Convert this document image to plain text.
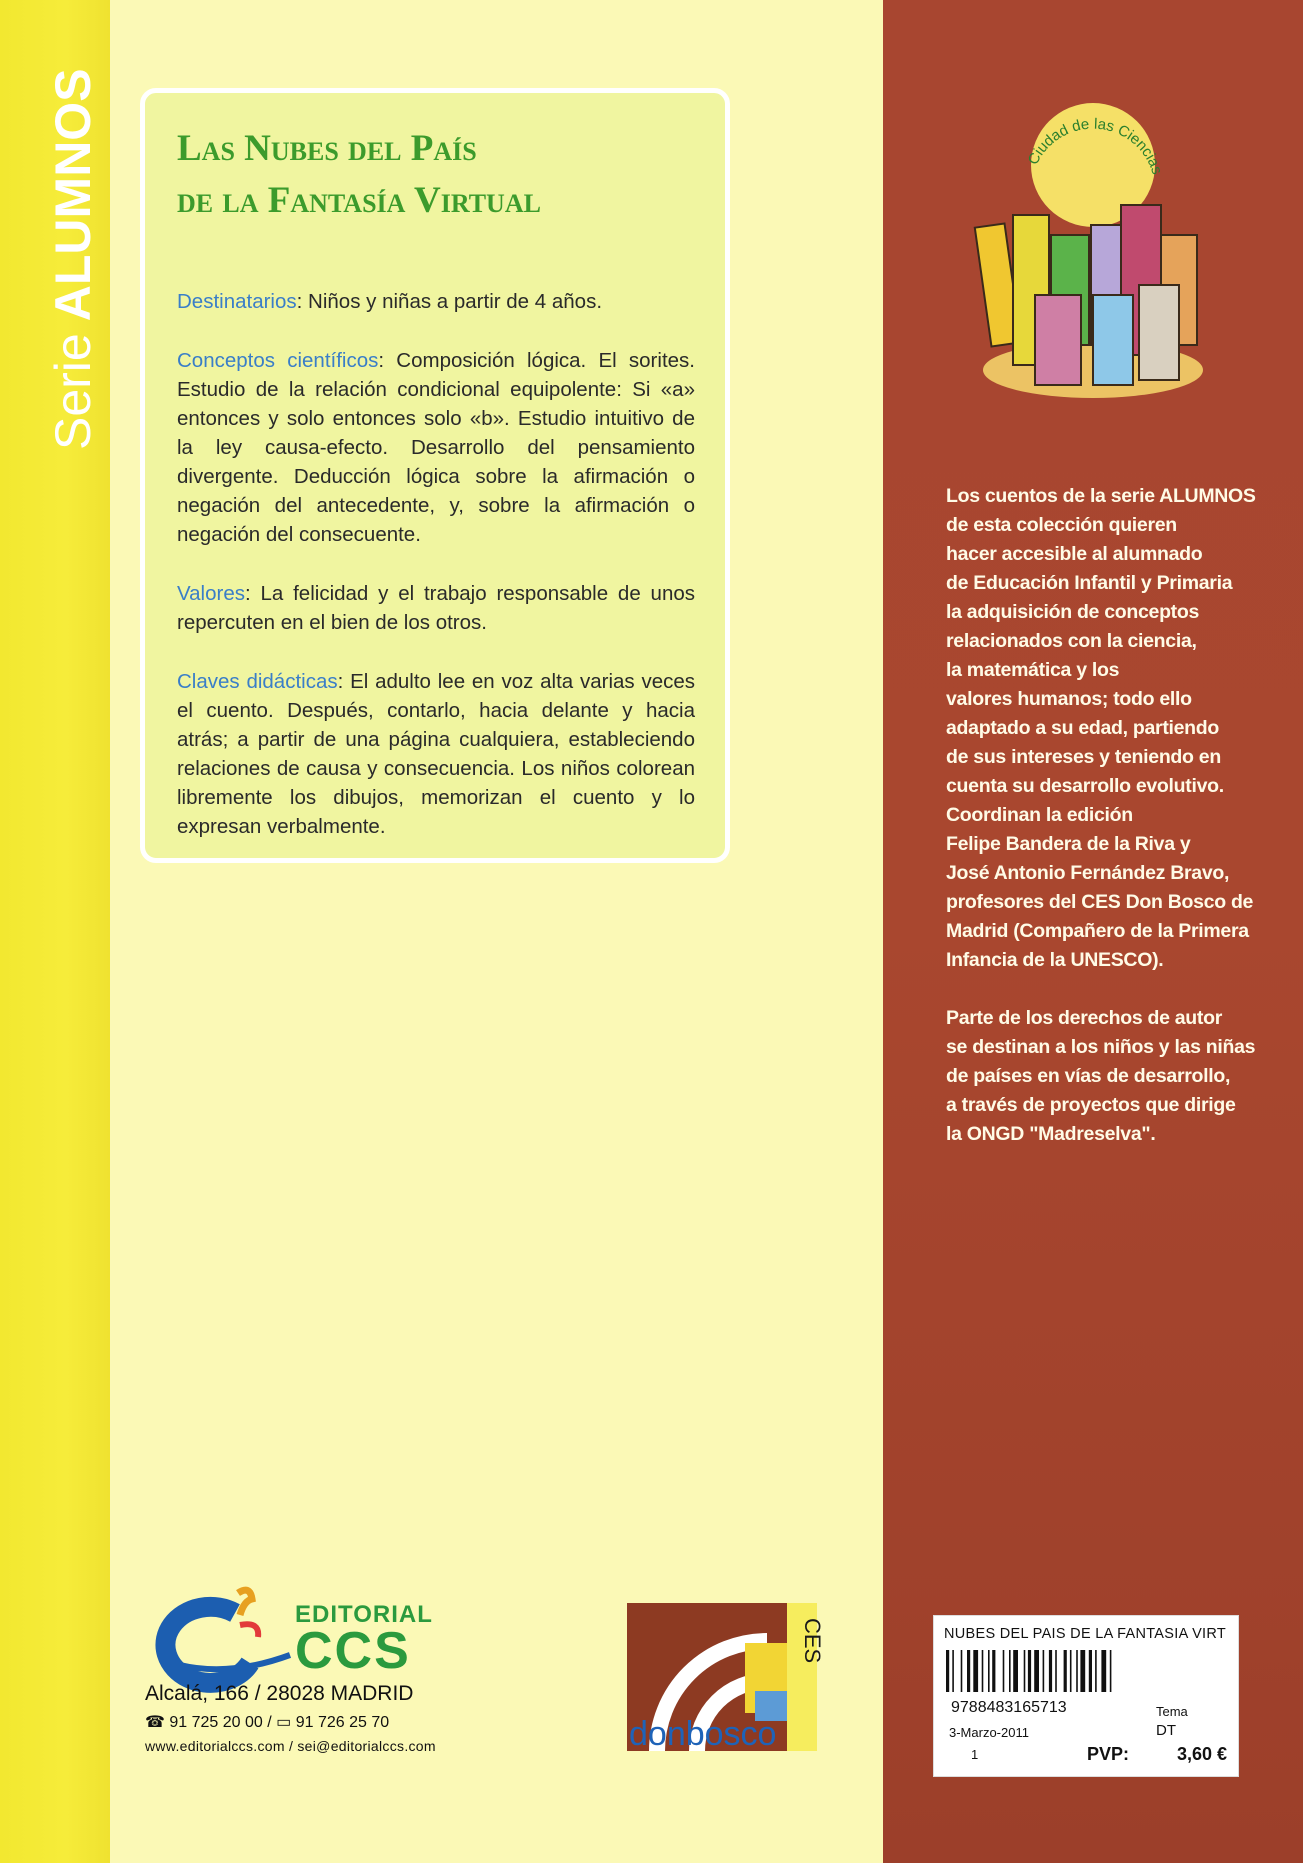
Serie ALUMNOS Las Nubes del País
de la Fantasía Virtual

Destinatarios: Niños y niñas a partir de 4 años.

Conceptos científicos: Composición lógica. El sorites. Estudio de la relación condicional equipolente: Si «a» entonces y solo entonces solo «b». Estudio intuitivo de la ley causa-efecto. Desarrollo del pensamiento divergente. Deducción lógica sobre la afirmación o negación del antecedente, y, sobre la afirmación o negación del consecuente.

Valores: La felicidad y el trabajo responsable de unos repercuten en el bien de los otros.

Claves didácticas: El adulto lee en voz alta varias veces el cuento. Después, contarlo, hacia delante y hacia atrás; a partir de una página cualquiera, estableciendo relaciones de causa y consecuencia. Los niños colorean libremente los dibujos, memorizan el cuento y lo expresan verbalmente.

Ciudad de las Ciencias

Los cuentos de la serie ALUMNOS
de esta colección quieren
hacer accesible al alumnado
de Educación Infantil y Primaria
la adquisición de conceptos
relacionados con la ciencia,
la matemática y los
valores humanos; todo ello
adaptado a su edad, partiendo
de sus intereses y teniendo en
cuenta su desarrollo evolutivo.
Coordinan la edición
Felipe Bandera de la Riva y
José Antonio Fernández Bravo,
profesores del CES Don Bosco de
Madrid (Compañero de la Primera
Infancia de la UNESCO).

Parte de los derechos de autor
se destinan a los niños y las niñas
de países en vías de desarrollo,
a través de proyectos que dirige
la ONGD "Madreselva".

EDITORIAL
CCS
Alcalá, 166 / 28028 MADRID
☎ 91 725 20 00 / ▭ 91 726 25 70
www.editorialccs.com / sei@editorialccs.com
CES
donbosco
NUBES DEL PAIS DE LA FANTASIA VIRT
9788483165713	Tema
3-Marzo-2011	DT
1	PVP:	3,60 €
